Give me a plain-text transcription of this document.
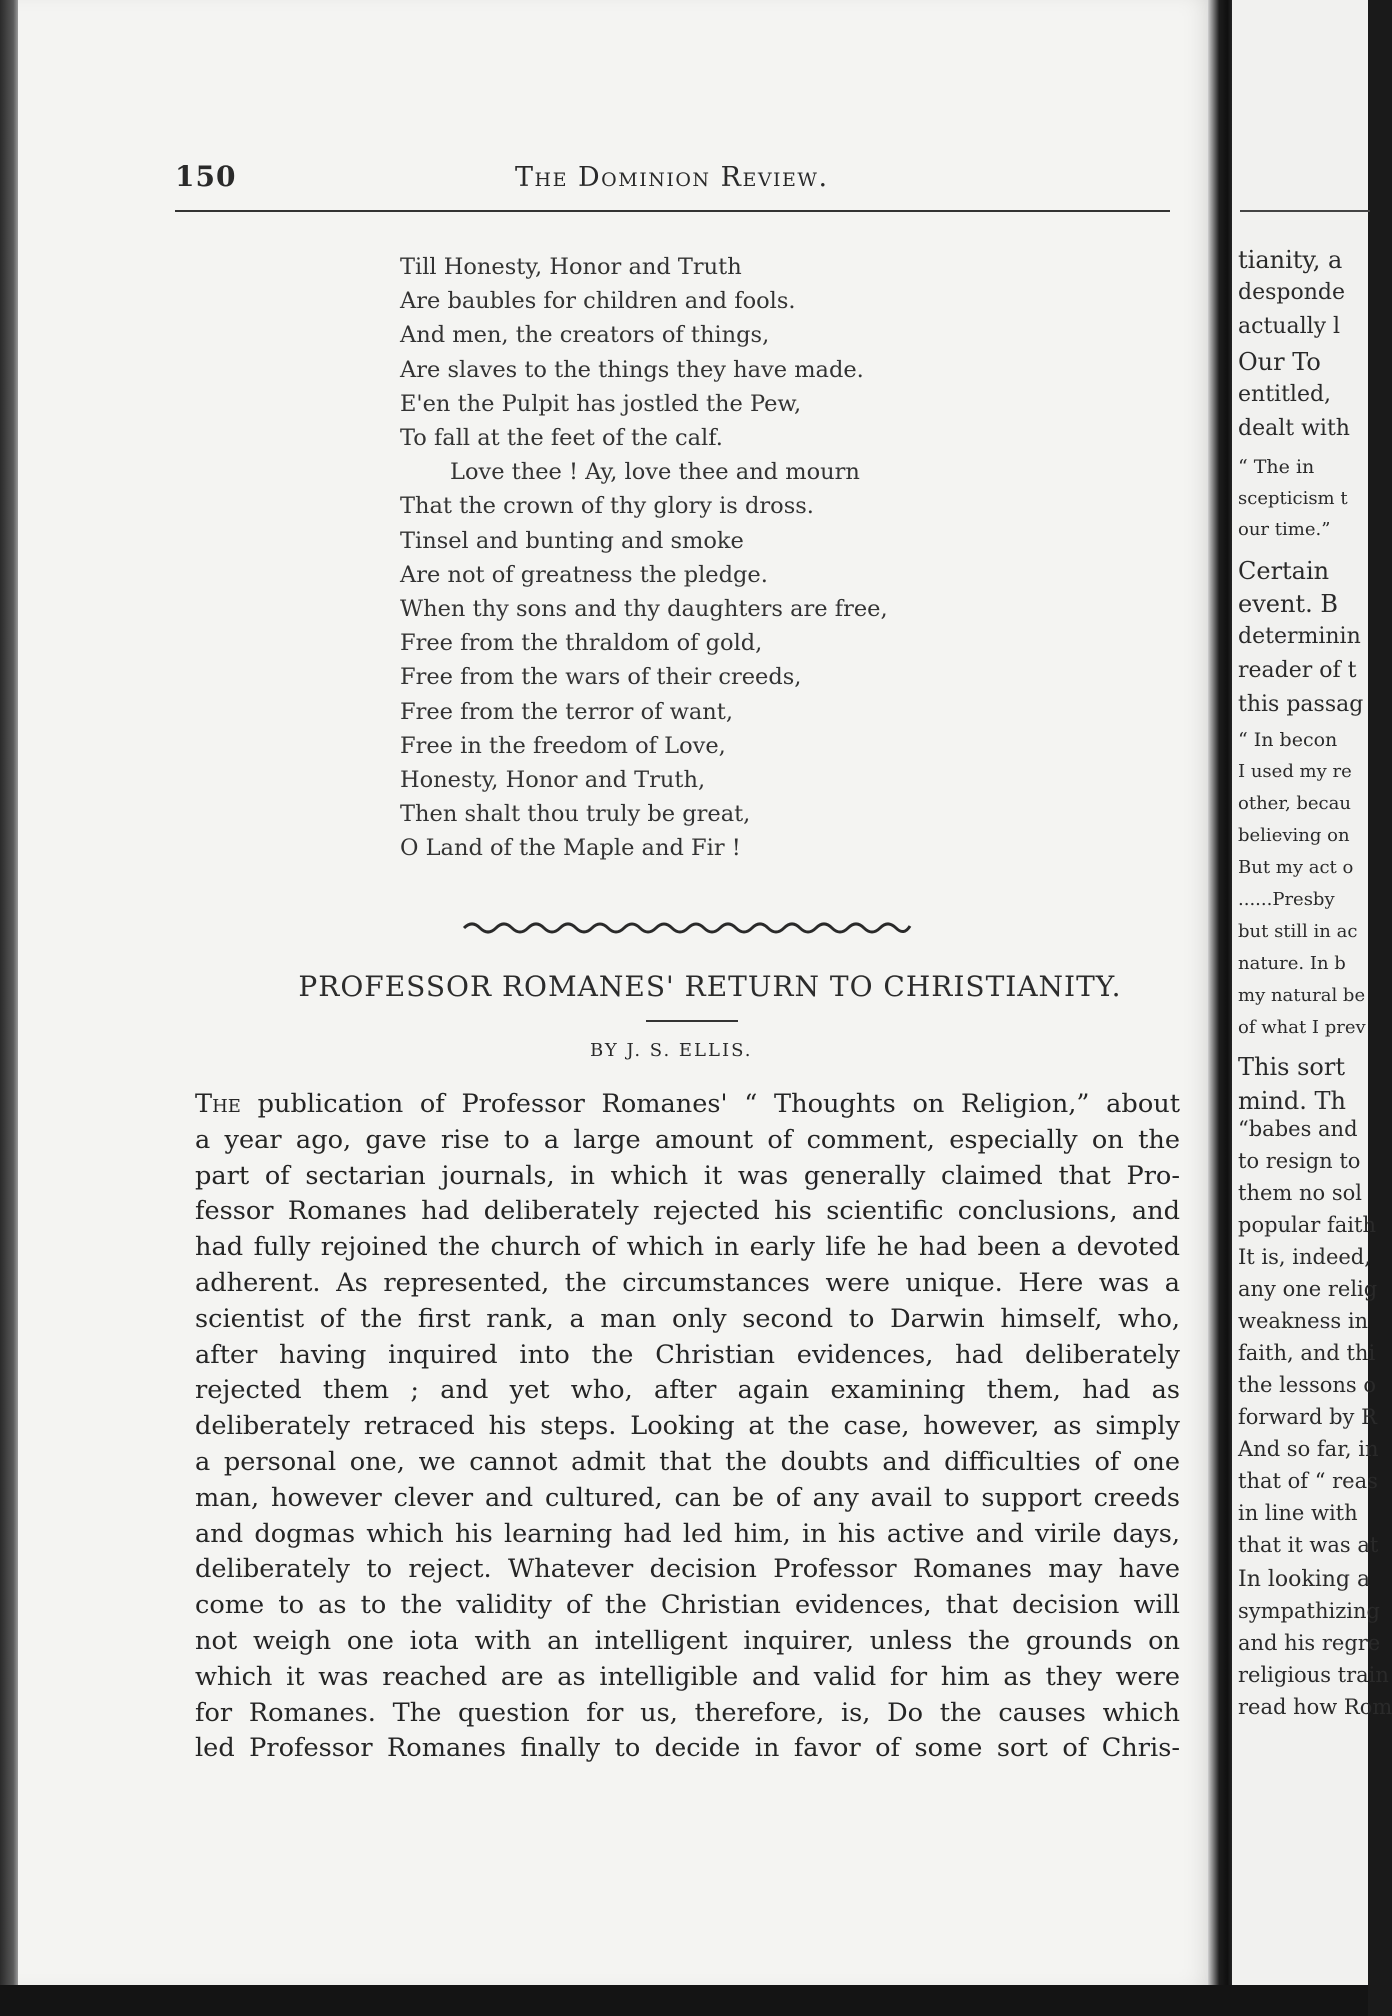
150	The Dominion Review.
Till Honesty, Honor and Truth
Are baubles for children and fools.
And men, the creators of things,
Are slaves to the things they have made.
E'en the Pulpit has jostled the Pew,
To fall at the feet of the calf.
Love thee ! Ay, love thee and mourn
That the crown of thy glory is dross.
Tinsel and bunting and smoke
Are not of greatness the pledge.
When thy sons and thy daughters are free,
Free from the thraldom of gold,
Free from the wars of their creeds,
Free from the terror of want,
Free in the freedom of Love,
Honesty, Honor and Truth,
Then shalt thou truly be great,
O Land of the Maple and Fir !
PROFESSOR ROMANES' RETURN TO CHRISTIANITY.
BY J. S. ELLIS.
The publication of Professor Romanes' “ Thoughts on Religion,” about
a year ago, gave rise to a large amount of comment, especially on the
part of sectarian journals, in which it was generally claimed that Pro-
fessor Romanes had deliberately rejected his scientific conclusions, and
had fully rejoined the church of which in early life he had been a devoted
adherent. As represented, the circumstances were unique. Here was a
scientist of the first rank, a man only second to Darwin himself, who,
after having inquired into the Christian evidences, had deliberately
rejected them ; and yet who, after again examining them, had as
deliberately retraced his steps. Looking at the case, however, as simply
a personal one, we cannot admit that the doubts and difficulties of one
man, however clever and cultured, can be of any avail to support creeds
and dogmas which his learning had led him, in his active and virile days,
deliberately to reject. Whatever decision Professor Romanes may have
come to as to the validity of the Christian evidences, that decision will
not weigh one iota with an intelligent inquirer, unless the grounds on
which it was reached are as intelligible and valid for him as they were
for Romanes. The question for us, therefore, is, Do the causes which
led Professor Romanes finally to decide in favor of some sort of Chris-
tianity, a
desponde
actually l
Our To
entitled,
dealt with
“ The in
scepticism t
our time.”
Certain
event. B
determinin
reader of t
this passag
“ In becon
I used my re
other, becau
believing on
But my act o
......Presby
but still in ac
nature. In b
my natural be
of what I prev
This sort
mind. Th
“babes and
to resign to
them no sol
popular faith
It is, indeed,
any one relig
weakness in
faith, and thi
the lessons o
forward by R
And so far, in
that of “ reas
in line with
that it was at
In looking a
sympathizing
and his regre
religious train
read how Rom
